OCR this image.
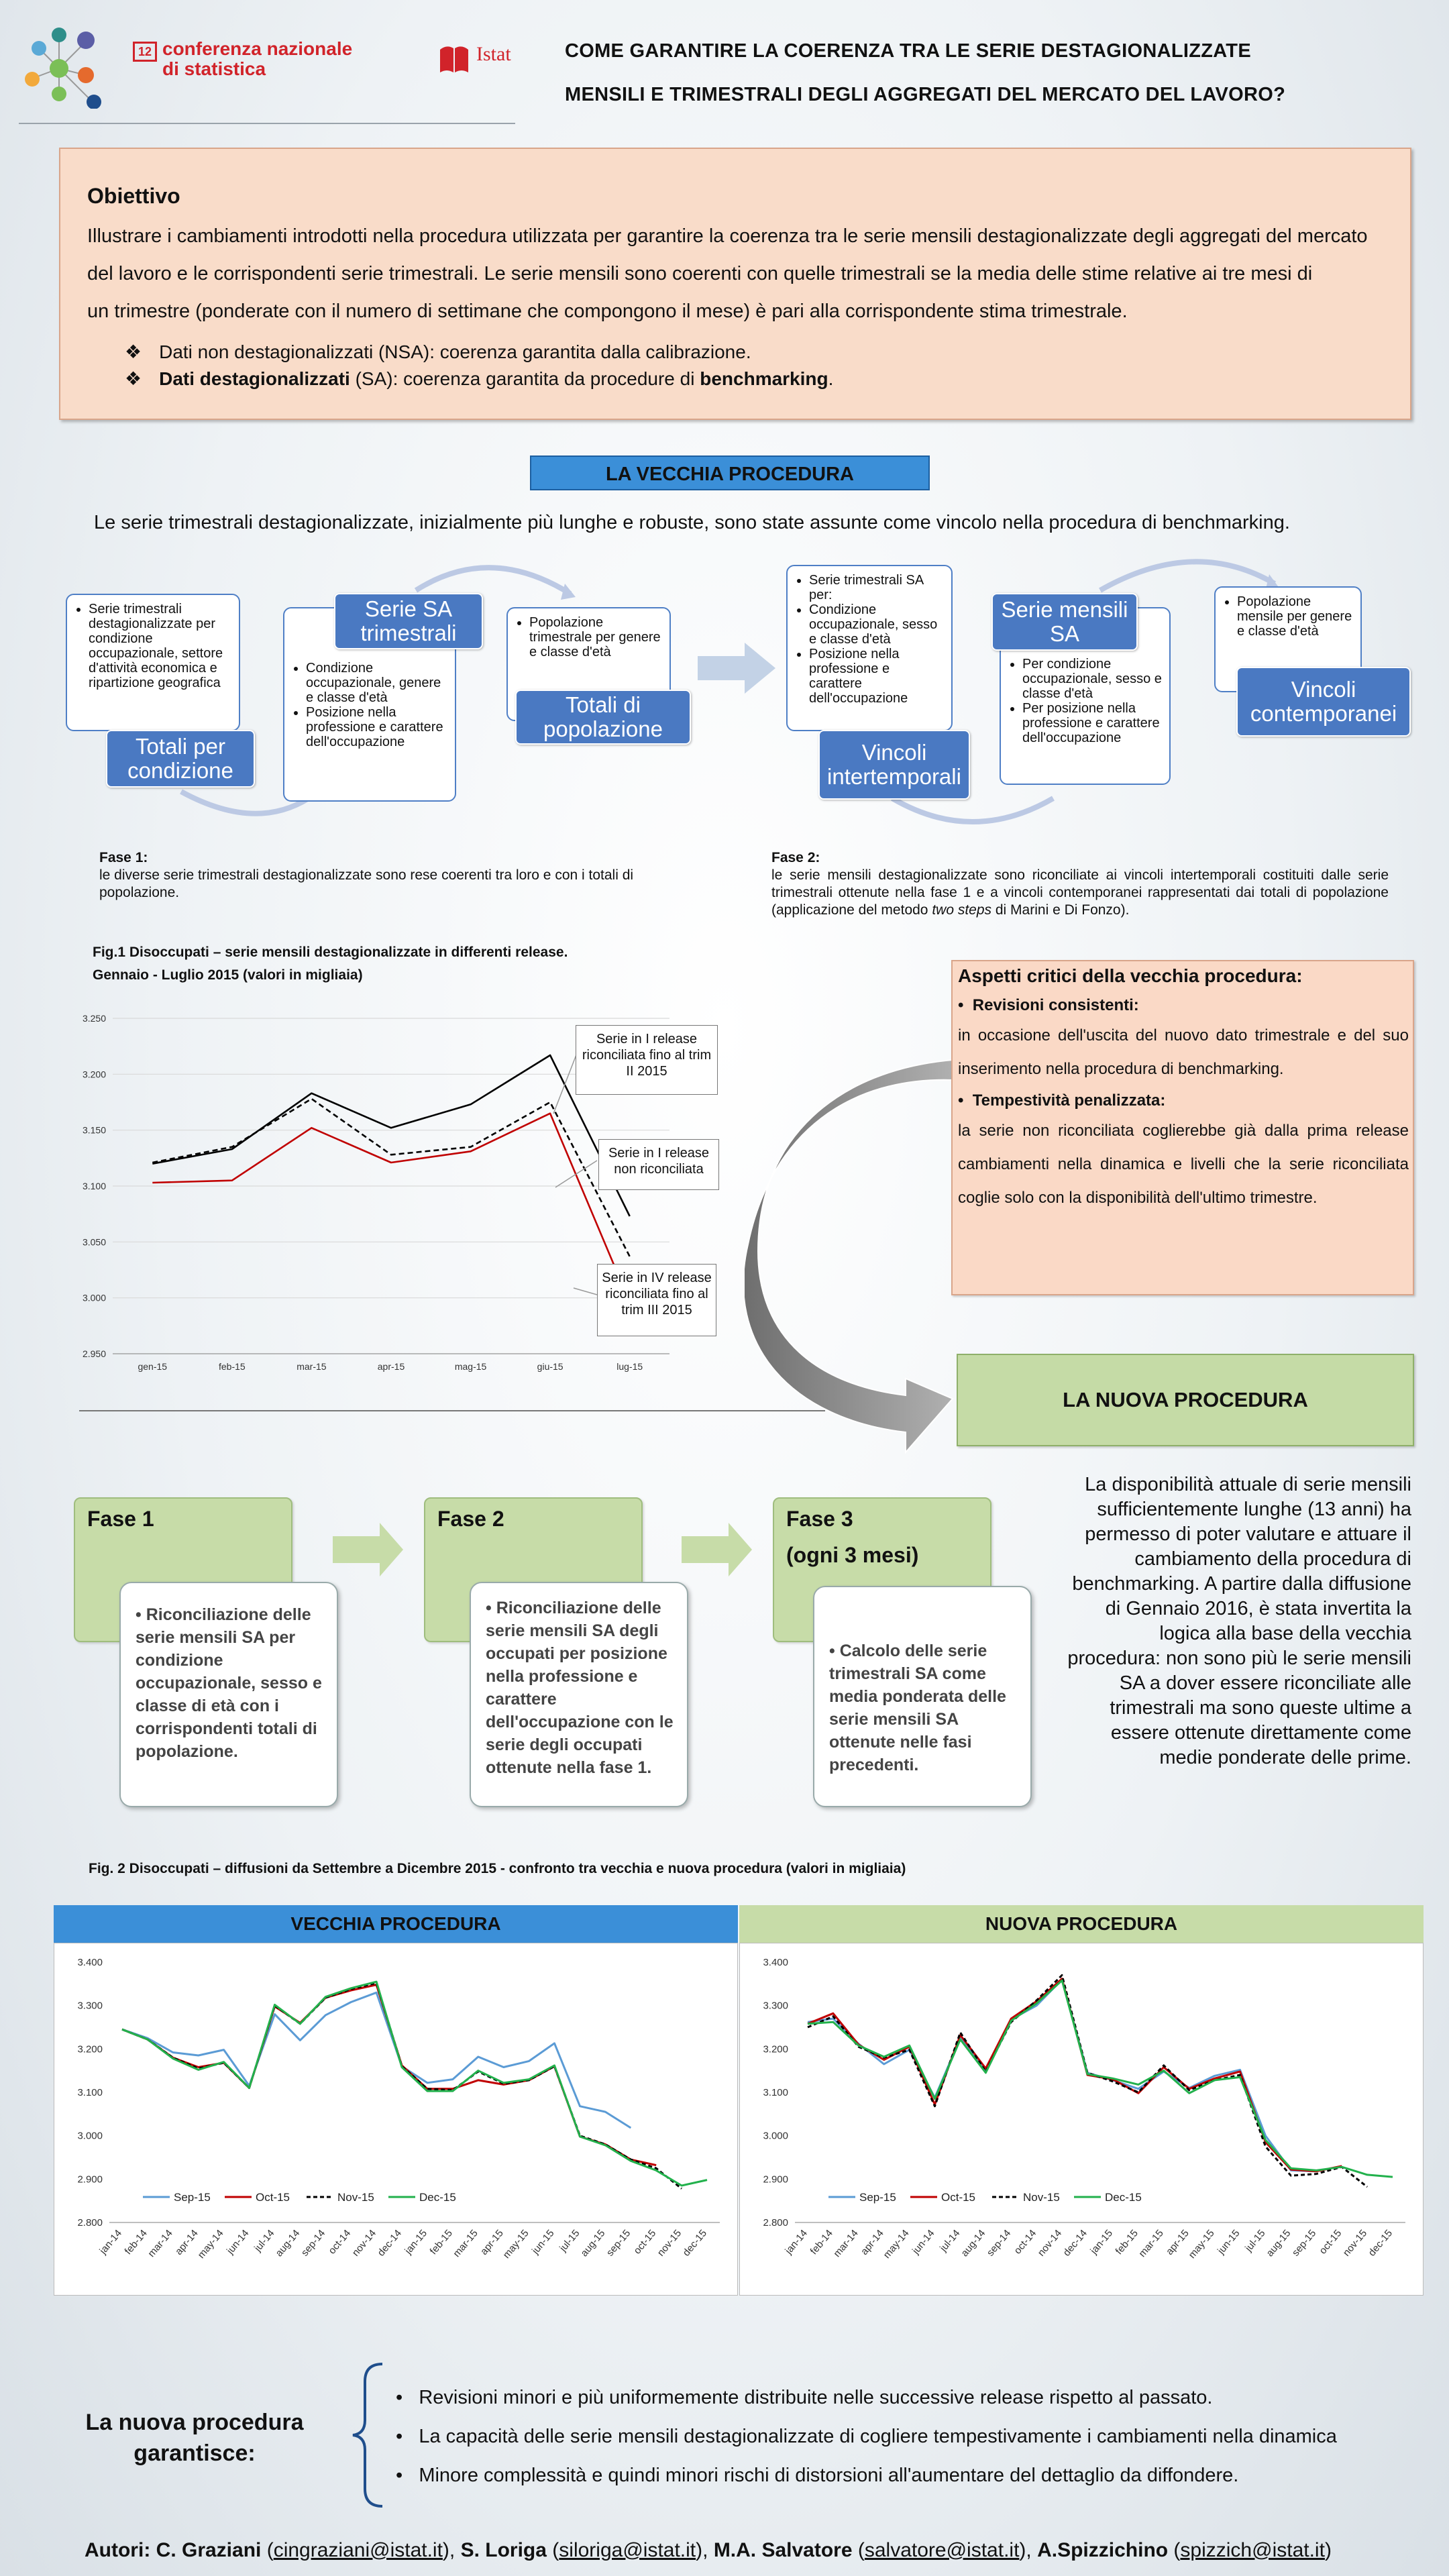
12 conferenza nazionale
di statistica
Istat	COME GARANTIRE LA COERENZA TRA LE SERIE DESTAGIONALIZZATE
MENSILI E TRIMESTRALI DEGLI AGGREGATI DEL MERCATO DEL LAVORO?
Obiettivo
Illustrare i cambiamenti introdotti nella procedura utilizzata per garantire la coerenza tra le serie mensili destagionalizzate degli aggregati del mercato
del lavoro e le corrispondenti serie trimestrali. Le serie mensili sono coerenti con quelle trimestrali se la media delle stime relative ai tre mesi di
un trimestre (ponderate con il numero di settimane che compongono il mese) è pari alla corrispondente stima trimestrale.
❖ Dati non destagionalizzati (NSA): coerenza garantita dalla calibrazione.
❖ Dati destagionalizzati (SA): coerenza garantita da procedure di benchmarking.
LA VECCHIA PROCEDURA
Le serie trimestrali destagionalizzate, inizialmente più lunghe e robuste, sono state assunte come vincolo nella procedura di benchmarking.
• Serie trimestrali destagionalizzate per condizione occupazionale, settore d'attività economica e ripartizione geografica
Totali per condizione
• Condizione occupazionale, genere e classe d'età
• Posizione nella professione e carattere dell'occupazione
Serie SA trimestrali
•	Popolazione trimestrale per genere e classe d'età
Totali di popolazione
• Serie trimestrali SA per:
• Condizione occupazionale, sesso e classe d'età
• Posizione nella professione e carattere dell'occupazione
Vincoli intertemporali
• Per condizione occupazionale, sesso e classe d'età
• Per posizione nella professione e carattere dell'occupazione
Serie mensili SA
• Popolazione mensile per genere e classe d'età
Vincoli contemporanei
Fase 1:
le diverse serie trimestrali destagionalizzate sono rese coerenti tra loro e con i totali di popolazione.
Fase 2:
le serie mensili destagionalizzate sono riconciliate ai vincoli intertemporali costituiti dalle serie trimestrali ottenute nella fase 1 e a vincoli contemporanei rappresentati dai totali di popolazione (applicazione del metodo two steps di Marini e Di Fonzo).
Fig.1 Disoccupati – serie mensili destagionalizzate in differenti release.
Gennaio - Luglio 2015 (valori in migliaia)
2.950
3.000
3.050
3.100
3.150
3.200
3.250
gen-15	feb-15	mar-15	apr-15	mag-15	giu-15	lug-15
Serie in I release riconciliata fino al trim II 2015
Serie in I release non riconciliata
Serie in IV release riconciliata fino al trim III 2015
Aspetti critici della vecchia procedura:
•  Revisioni consistenti:
in occasione dell'uscita del nuovo dato trimestrale e del suo inserimento nella procedura di benchmarking.
•  Tempestività penalizzata:
la serie non riconciliata coglierebbe già dalla prima release cambiamenti nella dinamica e livelli che la serie riconciliata coglie solo con la disponibilità dell'ultimo trimestre.
LA NUOVA PROCEDURA
Fase 1
• Riconciliazione delle serie mensili SA per condizione occupazionale, sesso e classe di età con i corrispondenti totali di popolazione.
Fase 2
• Riconciliazione delle serie mensili SA degli occupati per posizione nella professione e carattere dell'occupazione con le serie degli occupati ottenute nella fase 1.
Fase 3
(ogni 3 mesi)
• Calcolo delle serie trimestrali SA come media ponderata delle serie mensili SA ottenute nelle fasi precedenti.
La disponibilità attuale di serie mensili sufficientemente lunghe (13 anni) ha permesso di poter valutare e attuare il cambiamento della procedura di benchmarking. A partire dalla diffusione di Gennaio 2016, è stata invertita la logica alla base della vecchia procedura: non sono più le serie mensili SA a dover essere riconciliate alle trimestrali ma sono queste ultime a essere ottenute direttamente come medie ponderate delle prime.
Fig. 2 Disoccupati – diffusioni da Settembre a Dicembre 2015 - confronto tra vecchia e nuova procedura (valori in migliaia)
VECCHIA PROCEDURA	NUOVA PROCEDURA
2.800
2.900
3.000
3.100
3.200
3.300
3.400
jan-14
feb-14
mar-14
apr-14
may-14
jun-14 jul-14
aug-14
sep-14
oct-14
nov-14
dec-14
jan-15
feb-15
mar-15
apr-15
may-15
jun-15 jul-15
aug-15
sep-15
oct-15
nov-15
dec-15
Sep-15	Oct-15	Nov-15	Dec-15
2.800
2.900
3.000
3.100
3.200
3.300
3.400
jan-14
feb-14
mar-14
apr-14
may-14
jun-14 jul-14
aug-14
sep-14
oct-14
nov-14
dec-14
jan-15
feb-15
mar-15
apr-15
may-15
jun-15 jul-15
aug-15
sep-15
oct-15
nov-15
dec-15
Sep-15	Oct-15	Nov-15	Dec-15
La nuova procedura garantisce:
•   Revisioni minori e più uniformemente distribuite nelle successive release rispetto al passato.
•   La capacità delle serie mensili destagionalizzate di cogliere tempestivamente i cambiamenti nella dinamica
•   Minore complessità e quindi minori rischi di distorsioni all'aumentare del dettaglio da diffondere.
Autori: C. Graziani (cingraziani@istat.it), S. Loriga (siloriga@istat.it), M.A. Salvatore (salvatore@istat.it), A.Spizzichino (spizzich@istat.it)
